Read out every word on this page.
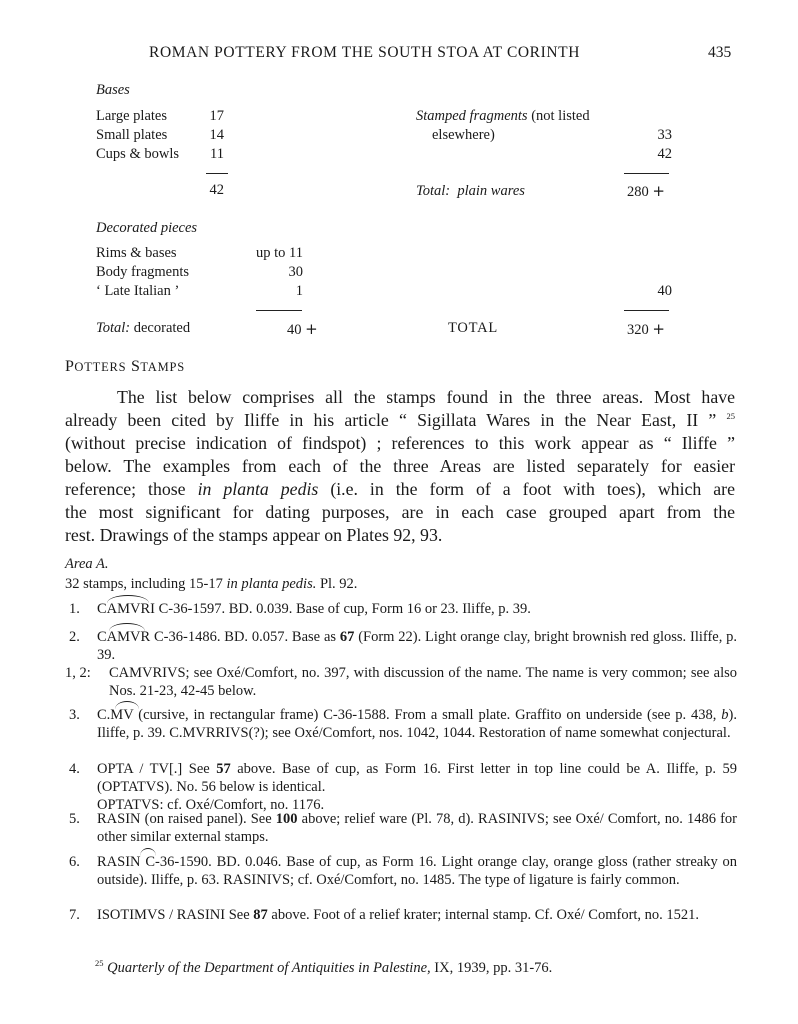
ROMAN POTTERY FROM THE SOUTH STOA AT CORINTH	435
Bases
Large plates	17
Small plates	14
Cups & bowls	11
42
Stamped fragments (not listed
elsewhere)	33
42
Total: plain wares	280 +
Decorated pieces
Rims & bases	up to 11
Body fragments	30
‘ Late Italian ’	1	40
Total: decorated	40 +	TOTAL	320 +
POTTERS STAMPS

The list below comprises all the stamps found in the three areas. Most have

already been cited by Iliffe in his article “ Sigillata Wares in the Near East, II ” $^{25}$

(without precise indication of findspot) ; references to this work appear as “ Iliffe ”

below. The examples from each of the three Areas are listed separately for easier

reference; those in planta pedis (i.e. in the form of a foot with toes), which are

the most significant for dating purposes, are in each case grouped apart from the

rest. Drawings of the stamps appear on Plates 92, 93.

Area A.
32 stamps, including 15-17 in planta pedis. Pl. 92.
1.	CAMVRI C-36-1597. BD. 0.039. Base of cup, Form 16 or 23. Iliffe, p. 39.

2.	CAMVR C-36-1486. BD. 0.057. Base as 67 (Form 22). Light orange clay, bright brownish red gloss. Iliffe, p. 39.

1, 2:	CAMVRIVS; see Oxé/Comfort, no. 397, with discussion of the name. The name is very common; see also Nos. 21-23, 42-45 below.

3.	C.MV (cursive, in rectangular frame) C-36-1588. From a small plate. Graffito on underside (see p. 438, b). Iliffe, p. 39. C.MVRRIVS(?); see Oxé/Comfort, nos. 1042, 1044. Restoration of name somewhat conjectural.

4.	OPTA / TV[.] See 57 above. Base of cup, as Form 16. First letter in top line could be A. Iliffe, p. 59 (OPTATVS). No. 56 below is identical.

OPTATVS: cf. Oxé/Comfort, no. 1176.

5.	RASIN (on raised panel). See 100 above; relief ware (Pl. 78, d). RASINIVS; see Oxé/ Comfort, no. 1486 for other similar external stamps.

6.	RASIN C-36-1590. BD. 0.046. Base of cup, as Form 16. Light orange clay, orange gloss (rather streaky on outside). Iliffe, p. 63. RASINIVS; cf. Oxé/Comfort, no. 1485. The type of ligature is fairly common.

7.	ISOTIMVS / RASINI See 87 above. Foot of a relief krater; internal stamp. Cf. Oxé/ Comfort, no. 1521.

$^{25}$ Quarterly of the Department of Antiquities in Palestine, IX, 1939, pp. 31-76.
